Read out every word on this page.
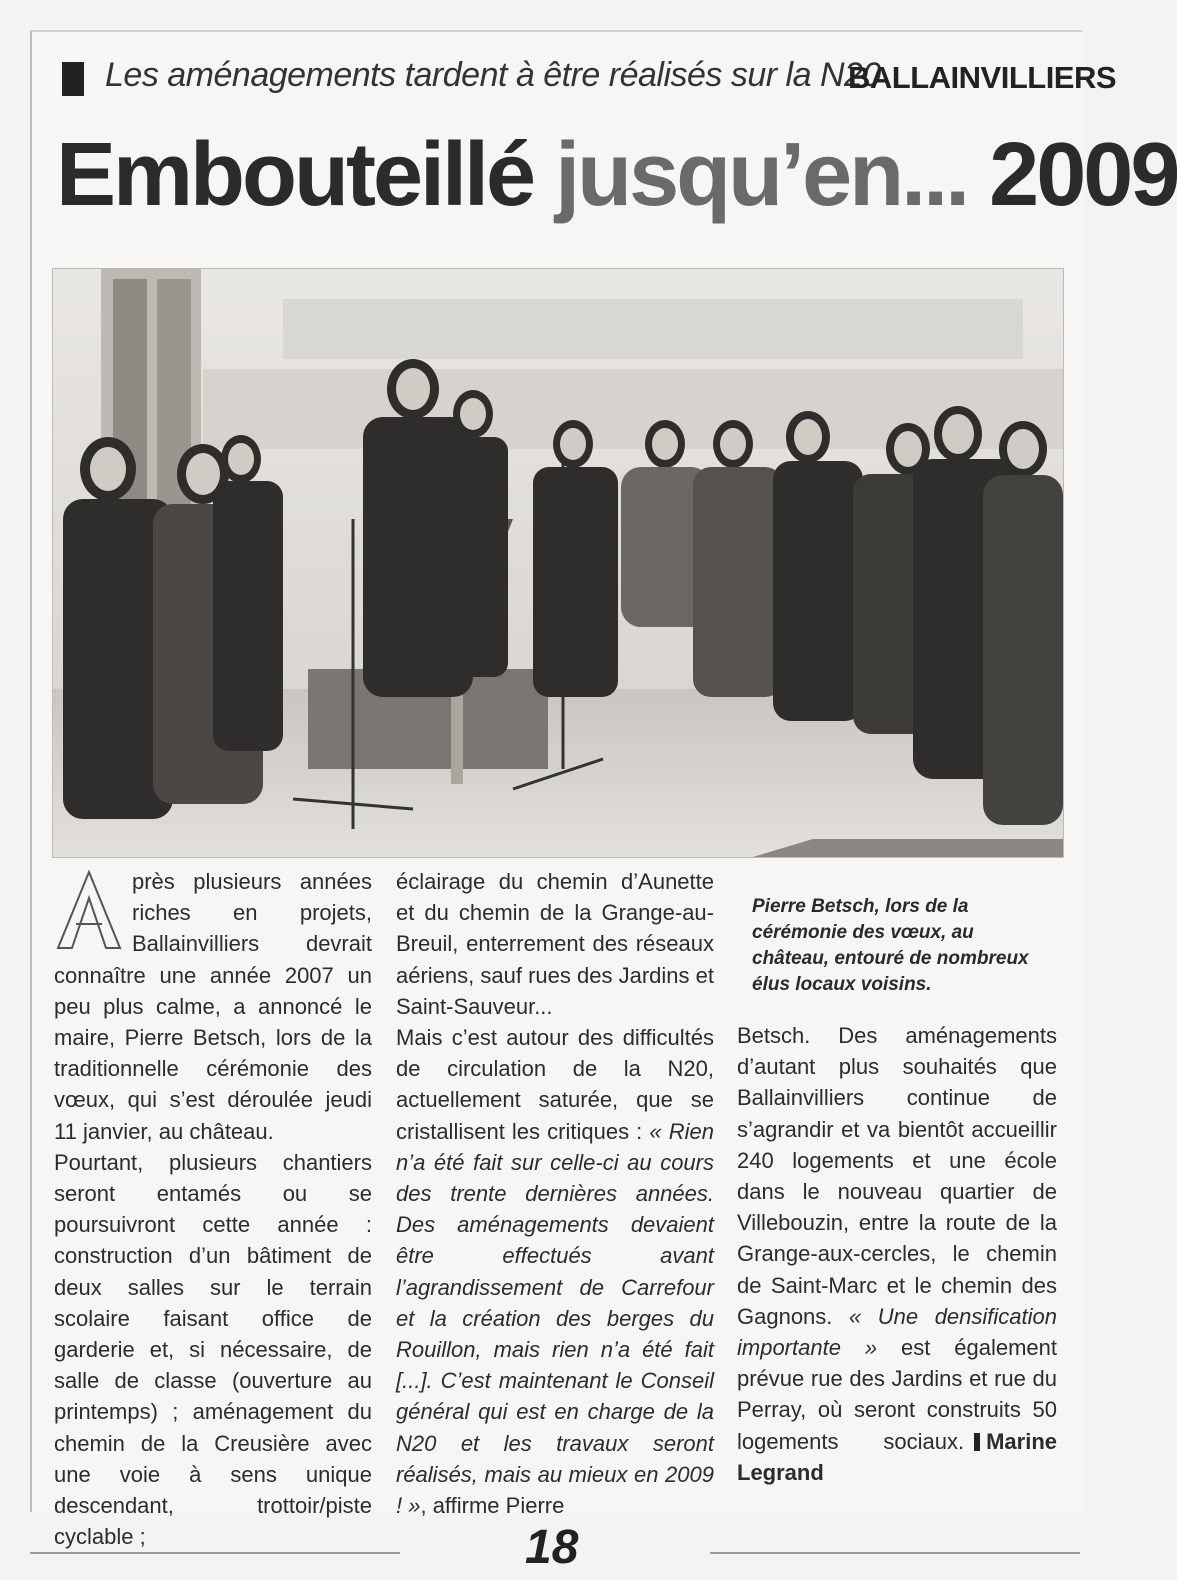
Les aménagements tardent à être réalisés sur la N20
BALLAINVILLIERS
Embouteillé jusqu’en... 2009
Pierre Betsch, lors de la cérémonie des vœux, au château, entouré de nombreux élus locaux voisins.

près plusieurs années riches en projets, Ballainvilliers devrait connaître une année 2007 un peu plus calme, a annoncé le maire, Pierre Betsch, lors de la traditionnelle cérémonie des vœux, qui s’est déroulée jeudi 11 janvier, au château.

Pourtant, plusieurs chantiers seront entamés ou se poursuivront cette année : construction d’un bâtiment de deux salles sur le terrain scolaire faisant office de garderie et, si nécessaire, de salle de classe (ouverture au printemps) ; aménagement du chemin de la Creusière avec une voie à sens unique descendant, trottoir/piste cyclable ;

éclairage du chemin d’Aunette et du chemin de la Grange-au-Breuil, enterrement des réseaux aériens, sauf rues des Jardins et Saint-Sauveur...

Mais c’est autour des difficultés de circulation de la N20, actuellement saturée, que se cristallisent les critiques : « Rien n’a été fait sur celle-ci au cours des trente dernières années. Des aménagements devaient être effectués avant l’agrandissement de Carrefour et la création des berges du Rouillon, mais rien n’a été fait [...]. C’est maintenant le Conseil général qui est en charge de la N20 et les travaux seront réalisés, mais au mieux en 2009 ! », affirme Pierre

Betsch. Des aménagements d’autant plus souhaités que Ballainvilliers continue de s’agrandir et va bientôt accueillir 240 logements et une école dans le nouveau quartier de Villebouzin, entre la route de la Grange-aux-cercles, le chemin de Saint-Marc et le chemin des Gagnons. « Une densification importante » est également prévue rue des Jardins et rue du Perray, où seront construits 50 logements sociaux. Marine Legrand

18
